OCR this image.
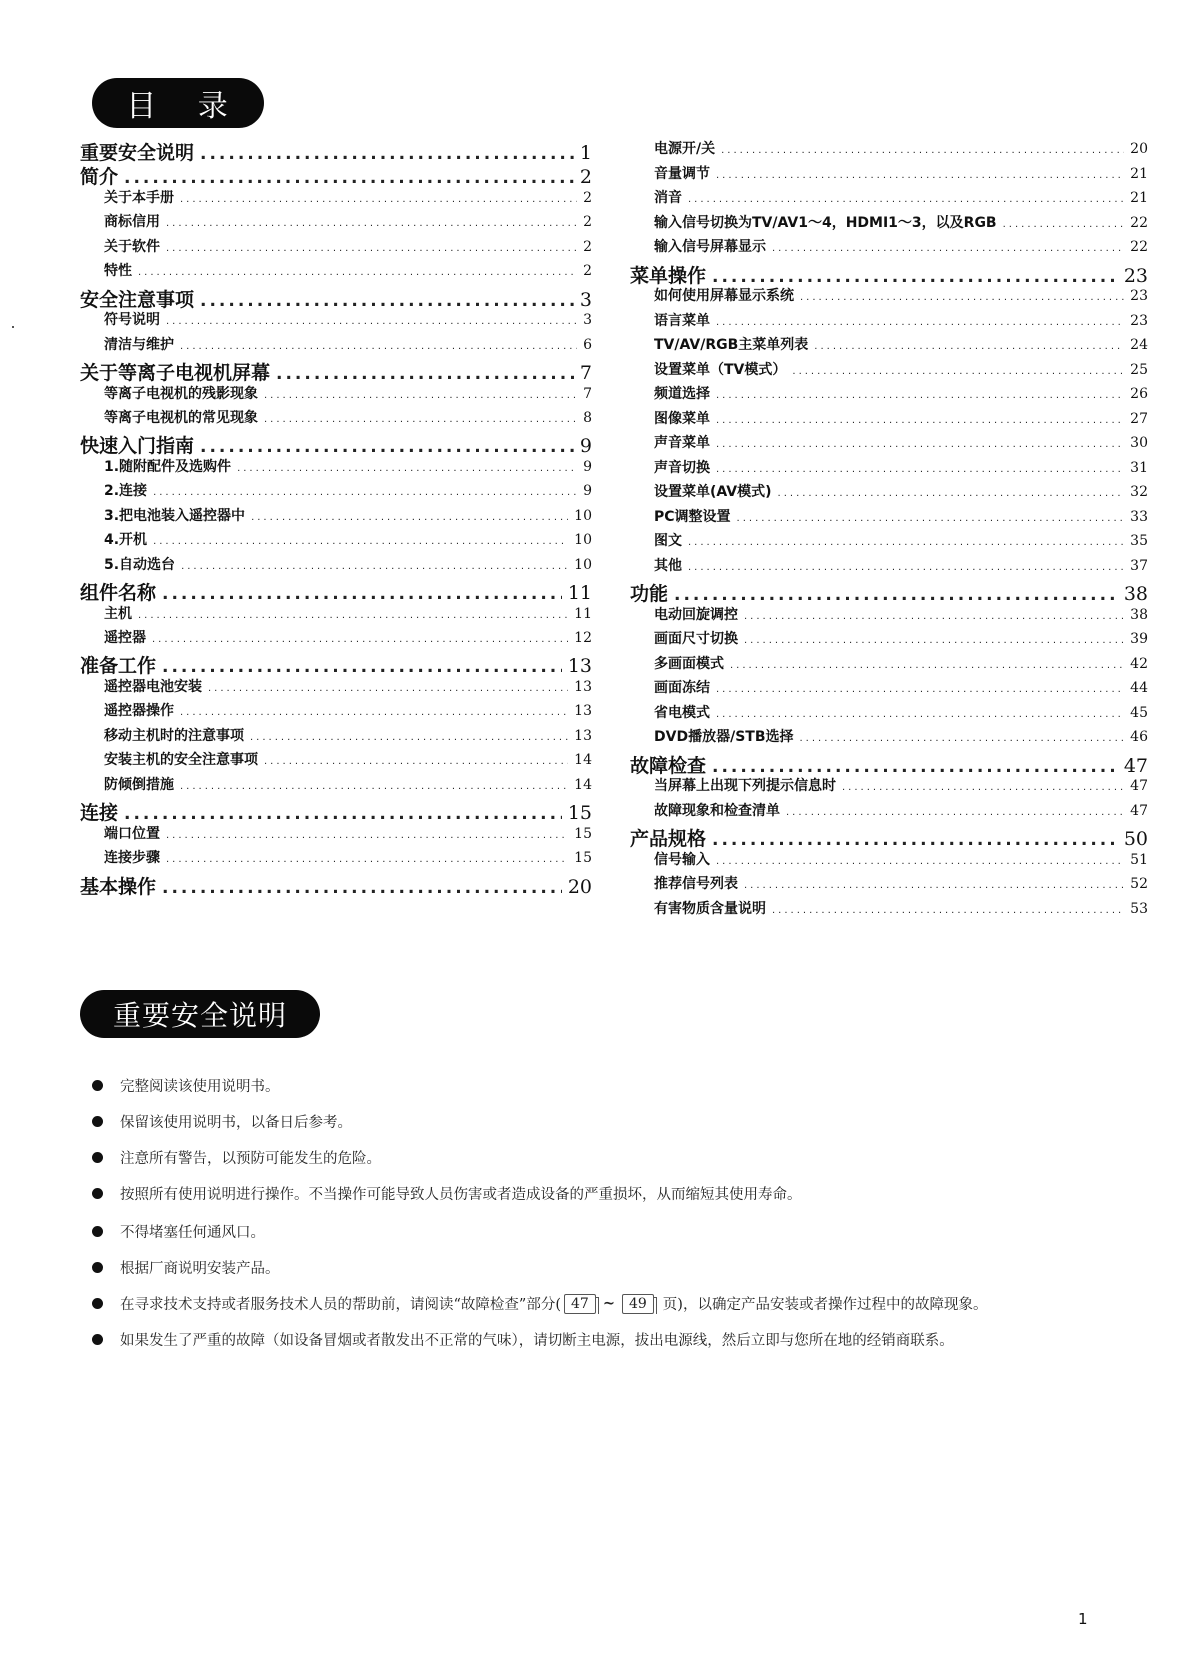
目 录
重要安全说明 .....	1
简介 .....	2
关于本手册 .....	2
商标信用 .....	2
关于软件 .....	2
特性 .....	2
安全注意事项 .....	3
符号说明 .....	3
清洁与维护 .....	6
关于等离子电视机屏幕 .....	7
等离子电视机的残影现象 .....	7
等离子电视机的常见现象 .....	8
快速入门指南 .....	9
1.随附配件及选购件 .....	9
2.连接 .....	9
3.把电池装入遥控器中 .....	10
4.开机 .....	10
5.自动选台 .....	10
组件名称 .....	11
主机 .....	11
遥控器 .....	12
准备工作 .....	13
遥控器电池安装 .....	13
遥控器操作 .....	13
移动主机时的注意事项 .....	13
安装主机的安全注意事项 .....	14
防倾倒措施 .....	14
连接 .....	15
端口位置 .....	15
连接步骤 .....	15
基本操作 .....	20
电源开/关 .....	20
音量调节 .....	21
消音 .....	21
输入信号切换为TV/AV1～4，HDMI1～3，以及RGB .....	22
输入信号屏幕显示 .....	22
菜单操作 .....	23
如何使用屏幕显示系统 .....	23
语言菜单 .....	23
TV/AV/RGB主菜单列表 .....	24
设置菜单（TV模式） .....	25
频道选择 .....	26
图像菜单 .....	27
声音菜单 .....	30
声音切换 .....	31
设置菜单(AV模式) .....	32
PC调整设置 .....	33
图文 .....	35
其他 .....	37
功能 .....	38
电动回旋调控 .....	38
画面尺寸切换 .....	39
多画面模式 .....	42
画面冻结 .....	44
省电模式 .....	45
DVD播放器/STB选择 .....	46
故障检查 .....	47
当屏幕上出现下列提示信息时 .....	47
故障现象和检查清单 .....	47
产品规格 .....	50
信号输入 .....	51
推荐信号列表 .....	52
有害物质含量说明 .....	53
重要安全说明
完整阅读该使用说明书。
保留该使用说明书，以备日后参考。
注意所有警告，以预防可能发生的危险。
按照所有使用说明进行操作。不当操作可能导致人员伤害或者造成设备的严重损坏，从而缩短其使用寿命。
不得堵塞任何通风口。
根据厂商说明安装产品。
在寻求技术支持或者服务技术人员的帮助前，请阅读“故障检查”部分( 47 ~	49	页)，以确定产品安装或者操作过程中的故障现象。
如果发生了严重的故障（如设备冒烟或者散发出不正常的气味），请切断主电源，拔出电源线，然后立即与您所在地的经销商联系。
1
